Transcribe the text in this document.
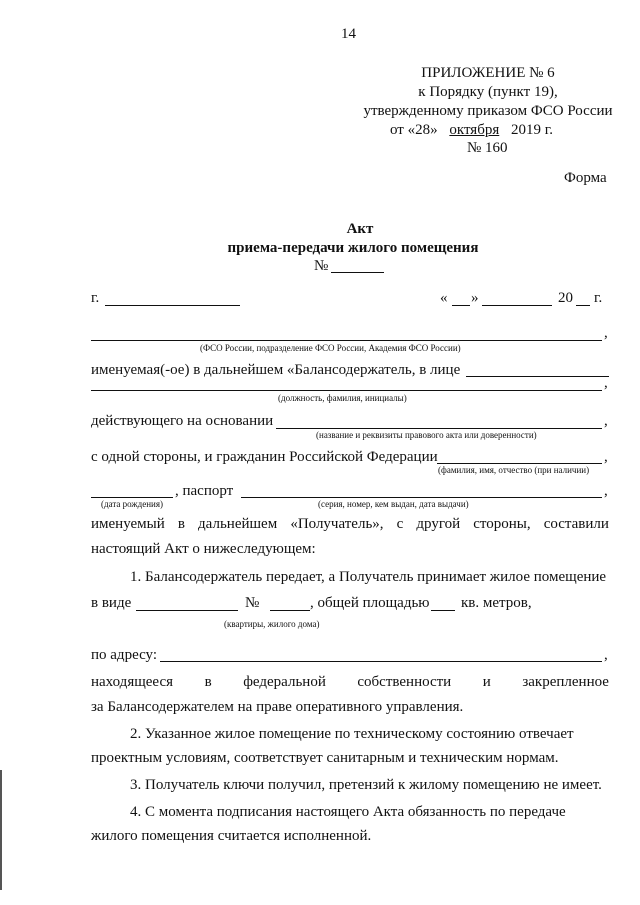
14
ПРИЛОЖЕНИЕ № 6
к Порядку (пункт 19),
утвержденному приказом ФСО России
от «28» октября 2019 г.
№ 160
Форма
Акт
приема-передачи жилого помещения
№
г.	« »	20 г.
,
(ФСО России, подразделение ФСО России, Академия ФСО России)
именуемая(-ое) в дальнейшем «Балансодержатель, в лице
,
(должность, фамилия, инициалы)
действующего на основании	,
(название и реквизиты правового акта или доверенности)
с одной стороны, и гражданин Российской Федерации	,
(фамилия, имя, отчество (при наличии)
, паспорт	,
(дата рождения)	(серия, номер, кем выдан, дата выдачи)
именуемый в дальнейшем «Получатель», с другой стороны, составили
настоящий Акт о нижеследующем:
1. Балансодержатель передает, а Получатель принимает жилое помещение
в виде	№	, общей площадью кв. метров,
(квартиры, жилого дома)
по адресу:	,
находящееся в федеральной собственности и закрепленное
за Балансодержателем на праве оперативного управления.
2. Указанное жилое помещение по техническому состоянию отвечает
проектным условиям, соответствует санитарным и техническим нормам.
3. Получатель ключи получил, претензий к жилому помещению не имеет.
4. С момента подписания настоящего Акта обязанность по передаче
жилого помещения считается исполненной.
